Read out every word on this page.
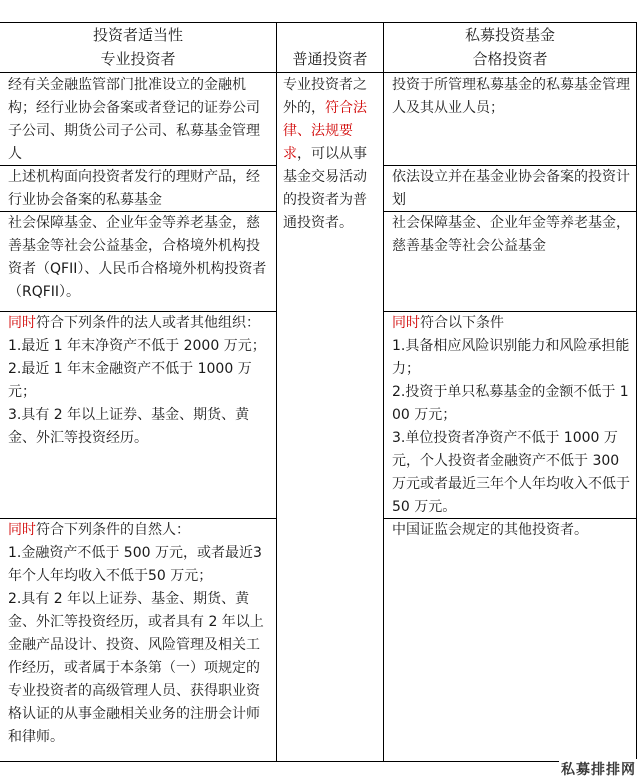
投资者适当性
专业投资者	普通投资者
私募投资基金
合格投资者
经有关金融监管部门批准设立的金融机构；经行业协会备案或者登记的证券公司子公司、期货公司子公司、私募基金管理人
上述机构面向投资者发行的理财产品，经行业协会备案的私募基金
社会保障基金、企业年金等养老基金，慈善基金等社会公益基金，合格境外机构投资者（QFII）、人民币合格境外机构投资者（RQFII）。
同时符合下列条件的法人或者其他组织：
1.最近 1 年末净资产不低于 2000 万元；
2.最近 1 年末金融资产不低于 1000 万元；
3.具有 2 年以上证券、基金、期货、黄金、外汇等投资经历。
同时符合下列条件的自然人：
1.金融资产不低于 500 万元，或者最近3 年个人年均收入不低于50 万元；
2.具有 2 年以上证券、基金、期货、黄金、外汇等投资经历，或者具有 2 年以上金融产品设计、投资、风险管理及相关工作经历，或者属于本条第（一）项规定的专业投资者的高级管理人员、获得职业资格认证的从事金融相关业务的注册会计师和律师。
专业投资者之外的，符合法律、法规要求，可以从事基金交易活动的投资者为普通投资者。
投资于所管理私募基金的私募基金管理人及其从业人员；
依法设立并在基金业协会备案的投资计划
社会保障基金、企业年金等养老基金，慈善基金等社会公益基金
同时符合以下条件
1.具备相应风险识别能力和风险承担能力；
2.投资于单只私募基金的金额不低于 100 万元；
3.单位投资者净资产不低于 1000 万元，个人投资者金融资产不低于 300 万元或者最近三年个人年均收入不低于 50 万元。
中国证监会规定的其他投资者。
私募排排网
